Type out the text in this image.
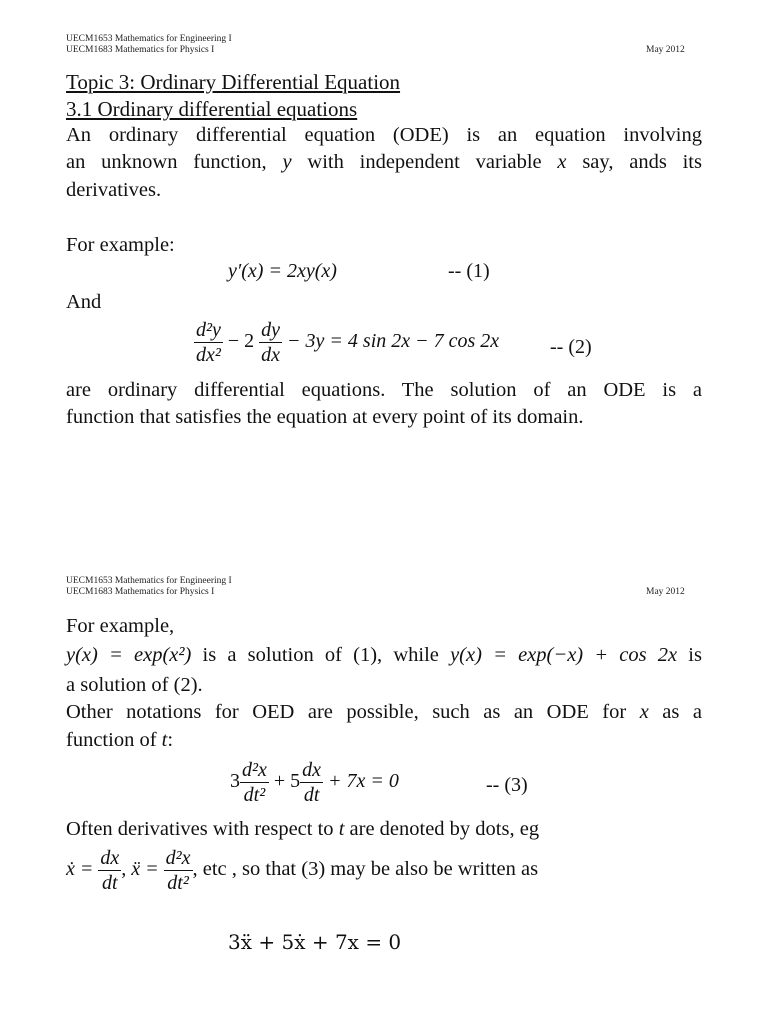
UECM1653 Mathematics for Engineering I
UECM1683 Mathematics for Physics I	May 2012
Topic 3: Ordinary Differential Equation
3.1 Ordinary differential equations
An ordinary differential equation (ODE) is an equation involving
an unknown function, y with independent variable x say, ands its
derivatives.
For example:
y′(x) = 2xy(x)	-- (1)
And
$\frac{\text{d²y}}{\text{dx²}} - 2 \frac{dy}{dx} - 3y = 4$ sin 2x − 7 cos 2x	-- (2)
are ordinary differential equations. The solution of an ODE is a
function that satisfies the equation at every point of its domain.
UECM1653 Mathematics for Engineering I
UECM1683 Mathematics for Physics I	May 2012
For example,
y(x) = exp(x²) is a solution of (1), while y(x) = exp(−x) + cos 2x is
a solution of (2).
Other notations for OED are possible, such as an ODE for x as a
function of t:
$3 \frac{\text{d²x}}{\text{dt²}} + 5 \frac{dx}{dt} + 7x = 0$	-- (3)
Often derivatives with respect to t are denoted by dots, eg
ẋ = $\frac{dx}{dt}$ , ẍ = $\frac{\text{d²x}}{\text{dt²}}$ , etc , so that (3) may be also be written as
3ẍ + 5ẋ + 7x = 0
